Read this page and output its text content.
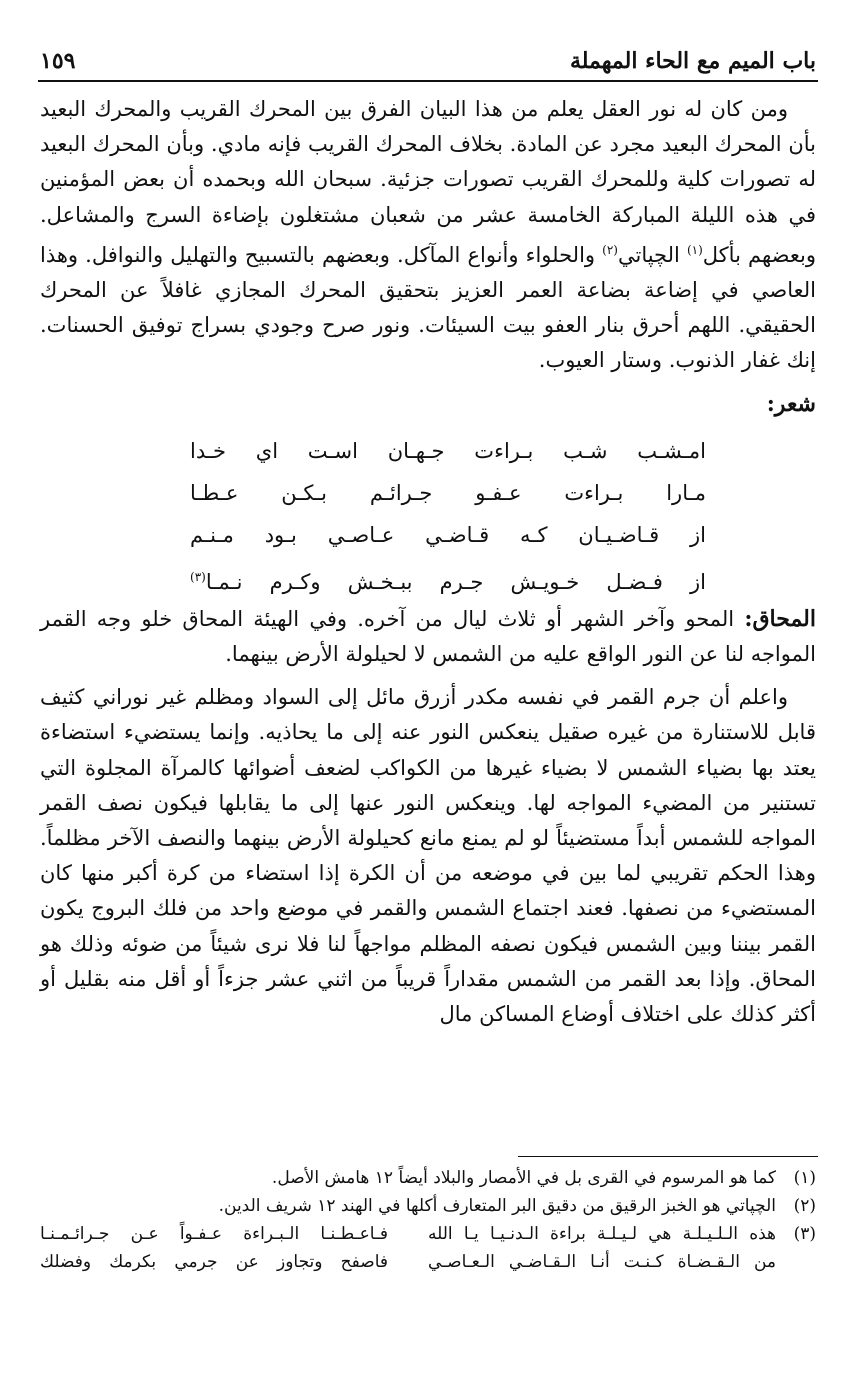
باب الميم مع الحاء المهملة
١٥٩

ومن كان له نور العقل يعلم من هذا البيان الفرق بين المحرك القريب والمحرك البعيد بأن المحرك البعيد مجرد عن المادة. بخلاف المحرك القريب فإنه مادي. وبأن المحرك البعيد له تصورات كلية وللمحرك القريب تصورات جزئية. سبحان الله وبحمده أن بعض المؤمنين في هذه الليلة المباركة الخامسة عشر من شعبان مشتغلون بإضاءة السرج والمشاعل. وبعضهم بأكل$^{(١)}$ الچپاتي$^{(٢)}$ والحلواء وأنواع المآكل. وبعضهم بالتسبيح والتهليل والنوافل. وهذا العاصي في إضاعة بضاعة العمر العزيز بتحقيق المحرك المجازي غافلاً عن المحرك الحقيقي. اللهم أحرق بنار العفو بيت السيئات. ونور صرح وجودي بسراج توفيق الحسنات. إنك غفار الذنوب. وستار العيوب.

شعر:

امـشـب شـب بـراءت جـهـان اسـت اي خـدا
مـارا بـراءت عـفـو جـرائـم بـكـن عـطـا
از قـاضـيـان كـه قـاضـي عـاصـي بـود مـنـم
از فـضـل خـويـش جـرم ببـخـش وكـرم نـمـا$^{(٣)}$

المحاق: المحو وآخر الشهر أو ثلاث ليال من آخره. وفي الهيئة المحاق خلو وجه القمر المواجه لنا عن النور الواقع عليه من الشمس لا لحيلولة الأرض بينهما.

واعلم أن جرم القمر في نفسه مكدر أزرق مائل إلى السواد ومظلم غير نوراني كثيف قابل للاستنارة من غيره صقيل ينعكس النور عنه إلى ما يحاذيه. وإنما يستضيء استضاءة يعتد بها بضياء الشمس لا بضياء غيرها من الكواكب لضعف أضوائها كالمرآة المجلوة التي تستنير من المضيء المواجه لها. وينعكس النور عنها إلى ما يقابلها فيكون نصف القمر المواجه للشمس أبداً مستضيئاً لو لم يمنع مانع كحيلولة الأرض بينهما والنصف الآخر مظلماً. وهذا الحكم تقريبي لما بين في موضعه من أن الكرة إذا استضاء من كرة أكبر منها كان المستضيء من نصفها. فعند اجتماع الشمس والقمر في موضع واحد من فلك البروج يكون القمر بيننا وبين الشمس فيكون نصفه المظلم مواجهاً لنا فلا نرى شيئاً من ضوئه وذلك هو المحاق. وإذا بعد القمر من الشمس مقداراً قريباً من اثني عشر جزءاً أو أقل منه بقليل أو أكثر كذلك على اختلاف أوضاع المساكن مال

(١)
كما هو المرسوم في القرى بل في الأمصار والبلاد أيضاً ١٢ هامش الأصل.
(٢)
الچپاتي هو الخبز الرقيق من دقيق البر المتعارف أكلها في الهند ١٢ شريف الدين.
(٣)
هذه الـلـيـلـة هي لـيـلـة براءة الـدنـيـا يـا الله
فـاعـطـنـا الـبـراءة عـفـواً عـن جـرائـمـنـا
من الـقـضـاة كـنـت أنـا الـقـاضـي الـعـاصـي
فاصفح وتجاوز عن جرمي بكرمك وفضلك
